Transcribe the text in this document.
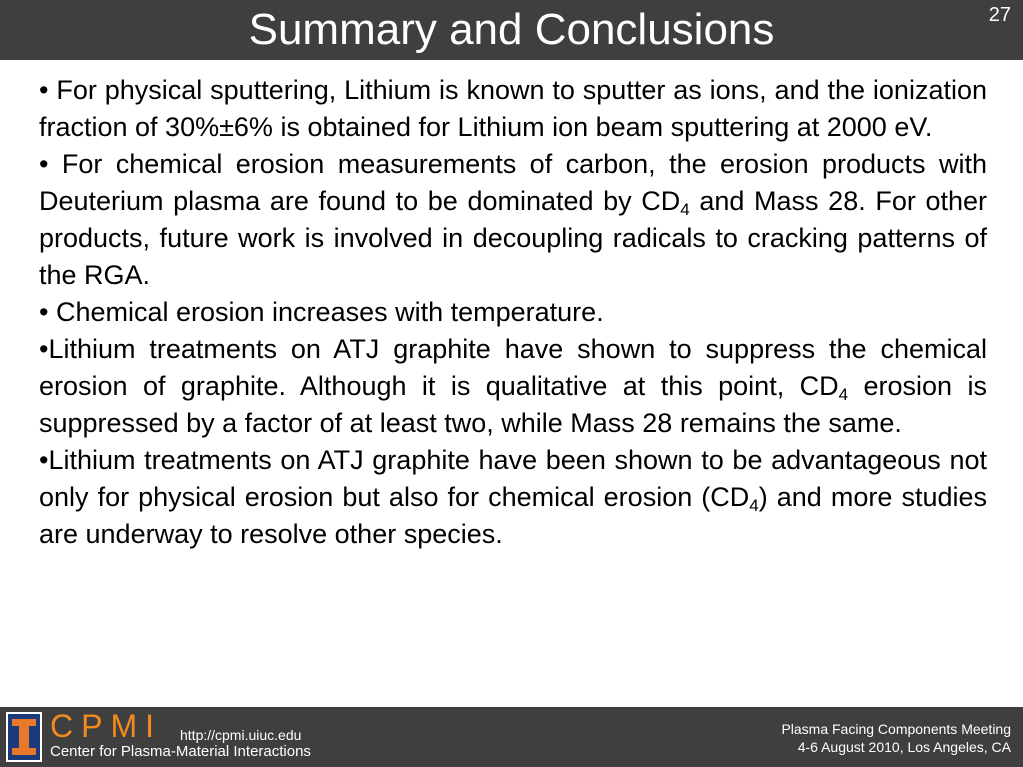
Summary and Conclusions	27

• For physical sputtering, Lithium is known to sputter as ions, and the ionization fraction of 30%±6% is obtained for Lithium ion beam sputtering at 2000 eV.

• For chemical erosion measurements of carbon, the erosion products with Deuterium plasma are found to be dominated by $CD_4$ and Mass 28. For other products, future work is involved in decoupling radicals to cracking patterns of the RGA.

• Chemical erosion increases with temperature.

•Lithium treatments on ATJ graphite have shown to suppress the chemical erosion of graphite. Although it is qualitative at this point, $CD_4$ erosion is suppressed by a factor of at least two, while Mass 28 remains the same.

•Lithium treatments on ATJ graphite have been shown to be advantageous not only for physical erosion but also for chemical erosion $(CD_4)$ and more studies are underway to resolve other species.

CPMI
Center for Plasma-Material Interactions
http://cpmi.uiuc.edu	Plasma Facing Components Meeting
4-6 August 2010, Los Angeles, CA
